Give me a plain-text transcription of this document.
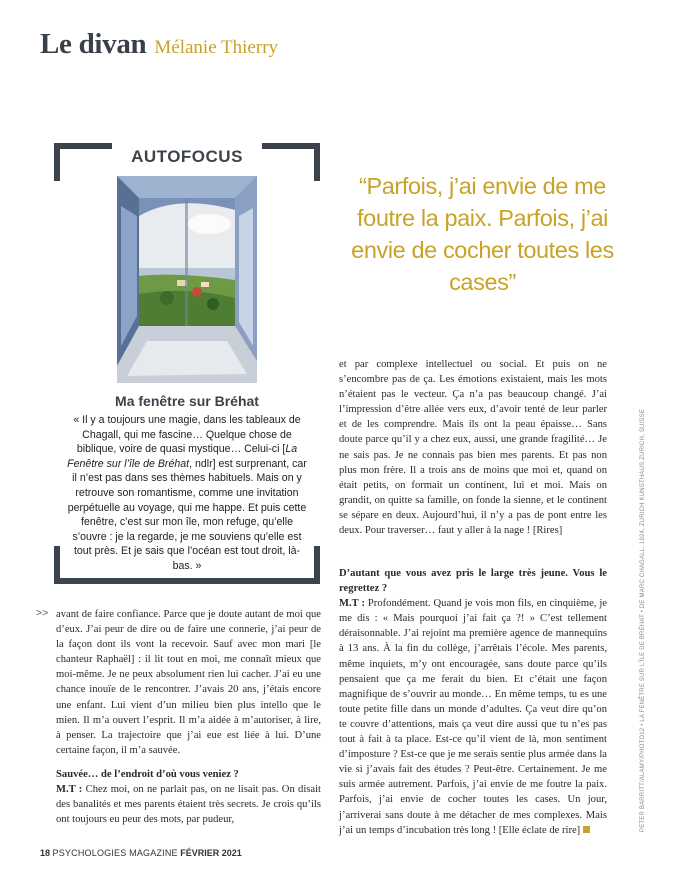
Le divan Mélanie Thierry
AUTOFOCUS
Ma fenêtre sur Bréhat
« Il y a toujours une magie, dans les tableaux de Chagall, qui me fascine… Quelque chose de biblique, voire de quasi mystique… Celui-ci [La Fenêtre sur l’île de Bréhat, ndlr] est surprenant, car il n’est pas dans ses thèmes habituels. Mais on y retrouve son romantisme, comme une invitation perpétuelle au voyage, qui me happe. Et puis cette fenêtre, c’est sur mon île, mon refuge, qu’elle s’ouvre : je la regarde, je me souviens qu’elle est tout près. Et je sais que l’océan est tout droit, là-bas. »
“Parfois, j’ai envie de me foutre la paix. Parfois, j’ai envie de cocher toutes les cases”
>> avant de faire confiance. Parce que je doute autant de moi que d’eux. J’ai peur de dire ou de faire une connerie, j’ai peur de la façon dont ils vont la recevoir. Sauf avec mon mari [le chanteur Raphaël] : il lit tout en moi, me connaît mieux que moi-même. Je ne peux absolument rien lui cacher. J’ai eu une chance inouïe de le rencontrer. J’avais 20 ans, j’étais encore une enfant. Lui vient d’un milieu bien plus intello que le mien. Il m’a ouvert l’esprit. Il m’a aidée à m’autoriser, à lire, à penser. La trajectoire que j’ai eue est liée à lui. D’une certaine façon, il m’a sauvée.

Sauvée… de l’endroit d’où vous veniez ?

M.T : Chez moi, on ne parlait pas, on ne lisait pas. On disait des banalités et mes parents étaient très secrets. Je crois qu’ils ont toujours eu peur des mots, par pudeur,

et par complexe intellectuel ou social. Et puis on ne s’encombre pas de ça. Les émotions existaient, mais les mots n’étaient pas le vecteur. Ça n’a pas beaucoup changé. J’ai l’impression d’être allée vers eux, d’avoir tenté de leur parler et de les comprendre. Mais ils ont la peau épaisse… Sans doute parce qu’il y a chez eux, aussi, une grande fragilité… Je ne sais pas. Je ne connais pas bien mes parents. Et pas non plus mon frère. Il a trois ans de moins que moi et, quand on était petits, on formait un continent, lui et moi. Mais on grandit, on quitte sa famille, on fonde la sienne, et le continent se sépare en deux. Aujourd’hui, il n’y a pas de pont entre les deux. Pour traverser… faut y aller à la nage ! [Rires]

D’autant que vous avez pris le large très jeune. Vous le regrettez ?

M.T : Profondément. Quand je vois mon fils, en cinquième, je me dis : « Mais pourquoi j’ai fait ça ?! » C’est tellement déraisonnable. J’ai rejoint ma première agence de mannequins à 13 ans. À la fin du collège, j’arrêtais l’école. Mes parents, même inquiets, m’y ont encouragée, sans doute parce qu’ils pensaient que ça me ferait du bien. Et c’était une façon magnifique de s’ouvrir au monde… En même temps, tu es une toute petite fille dans un monde d’adultes. Ça veut dire qu’on te couvre d’attentions, mais ça veut dire aussi que tu n’es pas tout à fait à ta place. Est-ce qu’il vient de là, mon sentiment d’imposture ? Est-ce que je me serais sentie plus armée dans la vie si j’avais fait des études ? Peut-être. Certainement. Je me suis armée autrement. Parfois, j’ai envie de me foutre la paix. Parfois, j’ai envie de cocher toutes les cases. Un jour, j’arriverai sans doute à me détacher de mes complexes. Mais j’ai un temps d’incubation très long ! [Elle éclate de rire]	PETER BARRITT/ALAMY/PHOTO12 • LA FENÊTRE SUR L’ÎLE DE BRÉHAT • DE MARC CHAGALL, 1924, ZURICH KUNSTHAUS ZURICH, SUISSE
18 PSYCHOLOGIES MAGAZINE FÉVRIER 2021
